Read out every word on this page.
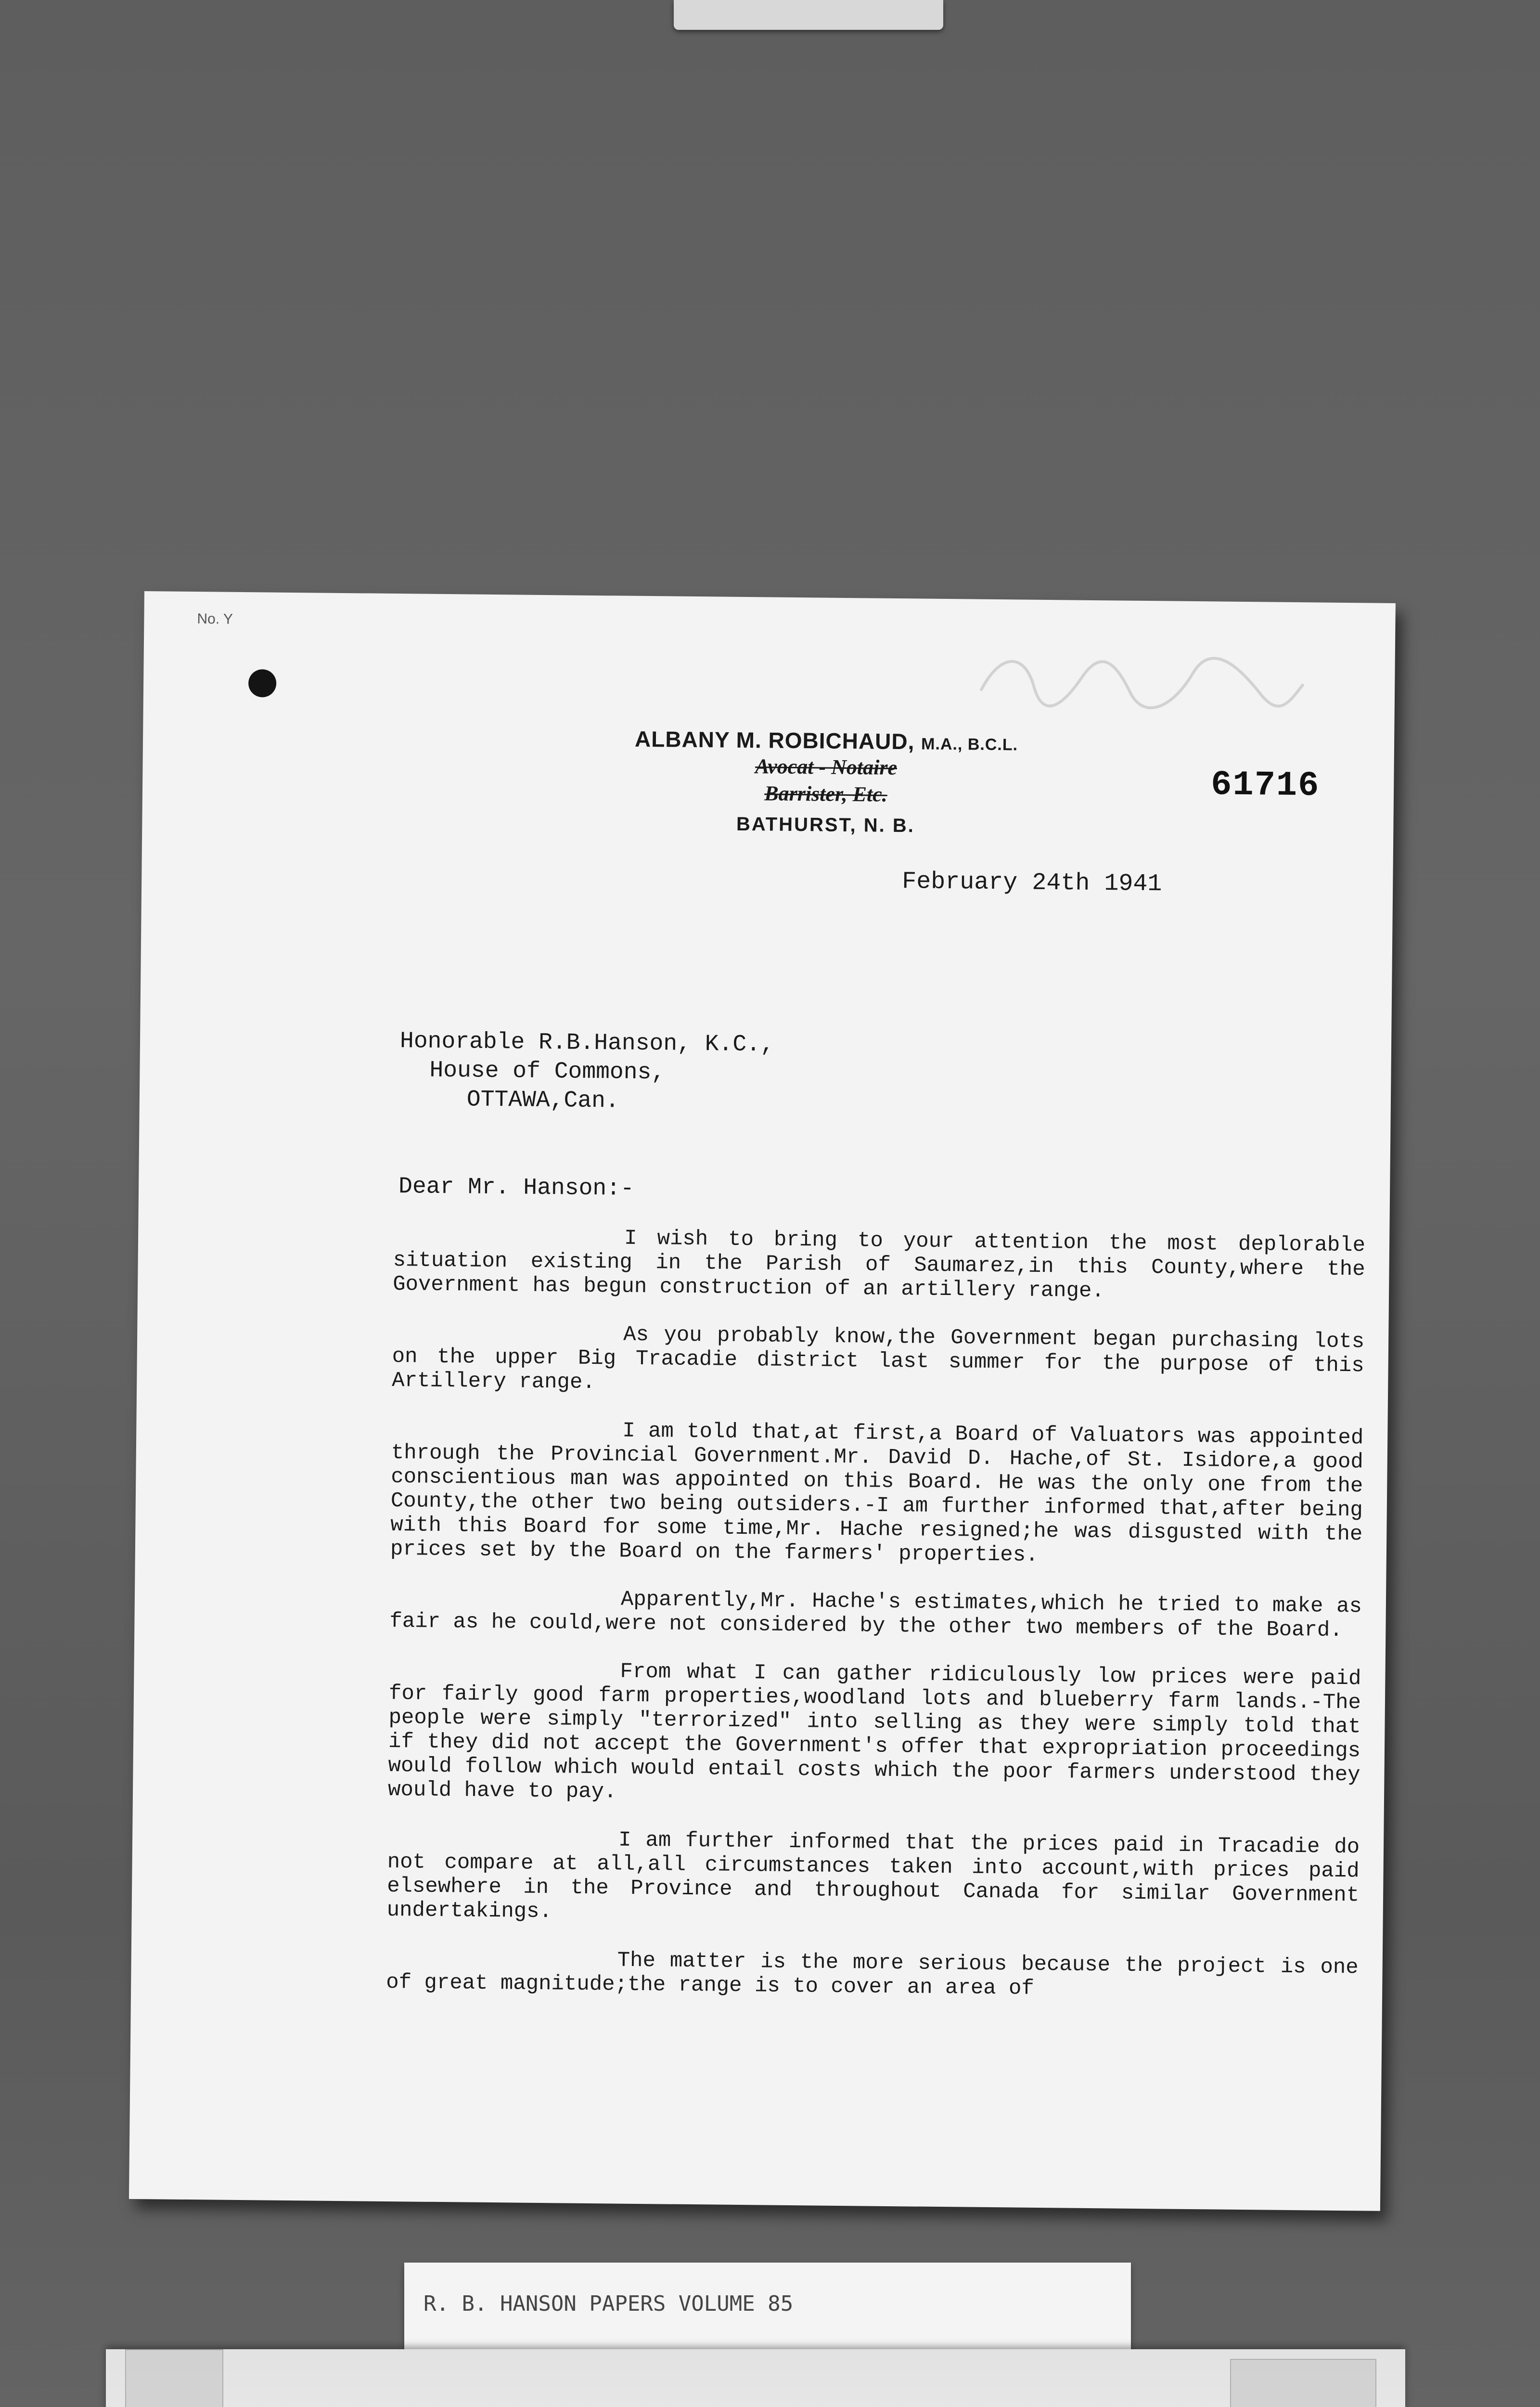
No. Y
ALBANY M. ROBICHAUD, M.A., B.C.L.
Avocat - Notaire
Barrister, Etc.
BATHURST, N. B.
61716
February 24th 1941
Honorable R.B.Hanson, K.C.,
House of Commons,
OTTAWA,Can.
Dear Mr. Hanson:-

I wish to bring to your attention the most deplorable situation existing in the Parish of Saumarez,in this County,where the Government has begun construction of an artillery range.

As you probably know,the Government began purchasing lots on the upper Big Tracadie district last summer for the purpose of this Artillery range.

I am told that,at first,a Board of Valuators was appointed through the Provincial Government.Mr. David D. Hache,of St. Isidore,a good conscientious man was appointed on this Board. He was the only one from the County,the other two being outsiders.-I am further informed that,after being with this Board for some time,Mr. Hache resigned;he was disgusted with the prices set by the Board on the farmers' properties.

Apparently,Mr. Hache's estimates,which he tried to make as fair as he could,were not considered by the other two members of the Board.

From what I can gather ridiculously low prices were paid for fairly good farm properties,woodland lots and blueberry farm lands.-The people were simply "terrorized" into selling as they were simply told that if they did not accept the Government's offer that expropriation proceedings would follow which would entail costs which the poor farmers understood they would have to pay.

I am further informed that the prices paid in Tracadie do not compare at all,all circumstances taken into account,with prices paid elsewhere in the Province and throughout Canada for similar Government undertakings.

The matter is the more serious because the project is one of great magnitude;the range is to cover an area of

R. B. HANSON PAPERS VOLUME 85
